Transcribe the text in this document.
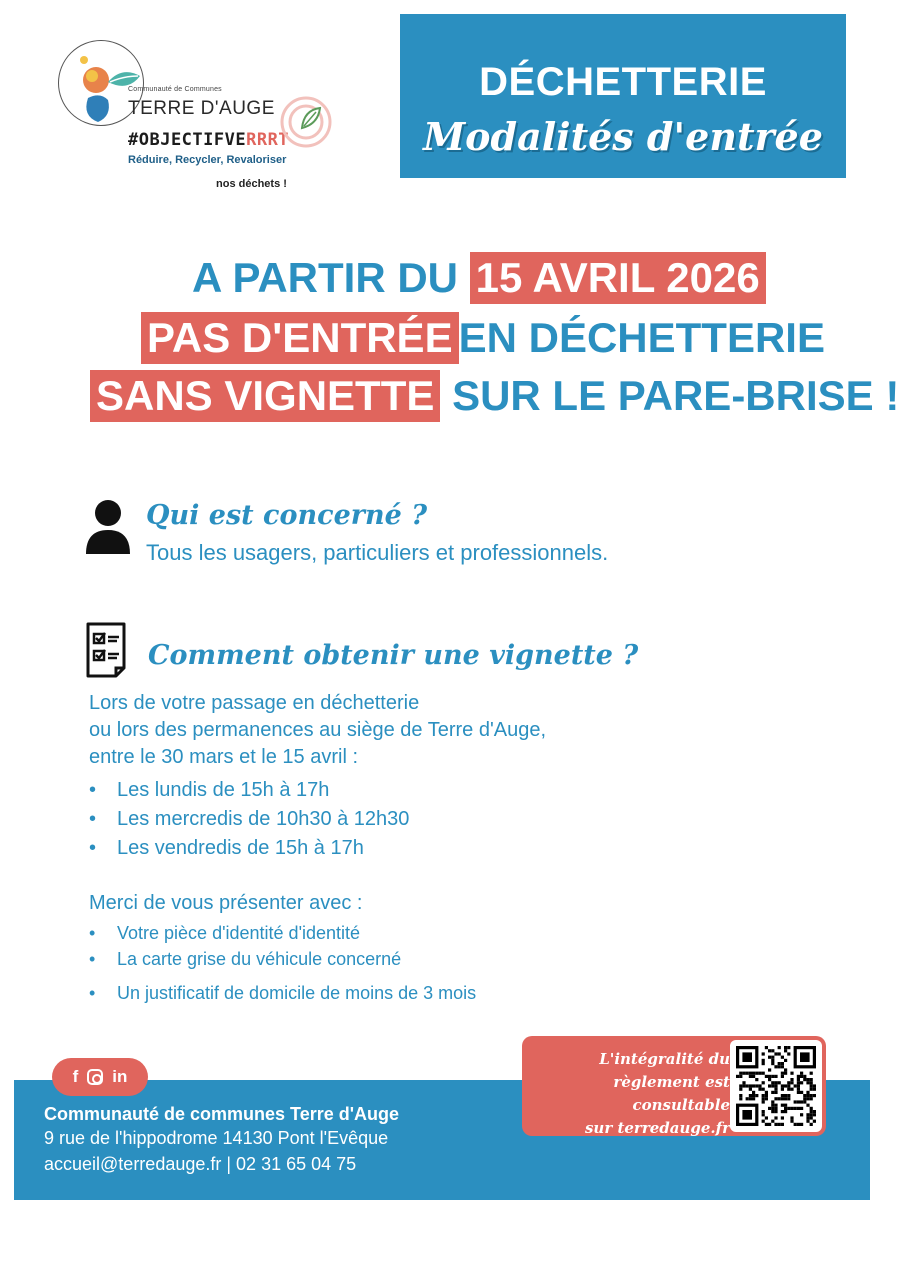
Communauté de Communes
TERRE D'AUGE
#OBJECTIFVERRRT
Réduire, Recycler, Revaloriser
nos déchets !
DÉCHETTERIE
Modalités d'entrée
A PARTIR DU 15 AVRIL 2026
PAS D'ENTRÉE EN DÉCHETTERIE
SANS VIGNETTE SUR LE PARE-BRISE !
Qui est concerné ?
Tous les usagers, particuliers et professionnels.
Comment obtenir une vignette ?
Lors de votre passage en déchetterie
ou lors des permanences au siège de Terre d'Auge,
entre le 30 mars et le 15 avril :
• Les lundis de 15h à 17h
• Les mercredis de 10h30 à 12h30
• Les vendredis de 15h à 17h
Merci de vous présenter avec :
• Votre pièce d'identité d'identité
• La carte grise du véhicule concerné
• Un justificatif de domicile de moins de 3 mois
f in
Communauté de communes Terre d'Auge
9 rue de l'hippodrome 14130 Pont l'Evêque
accueil@terredauge.fr | 02 31 65 04 75
L'intégralité du
règlement est consultable
sur terredauge.fr
